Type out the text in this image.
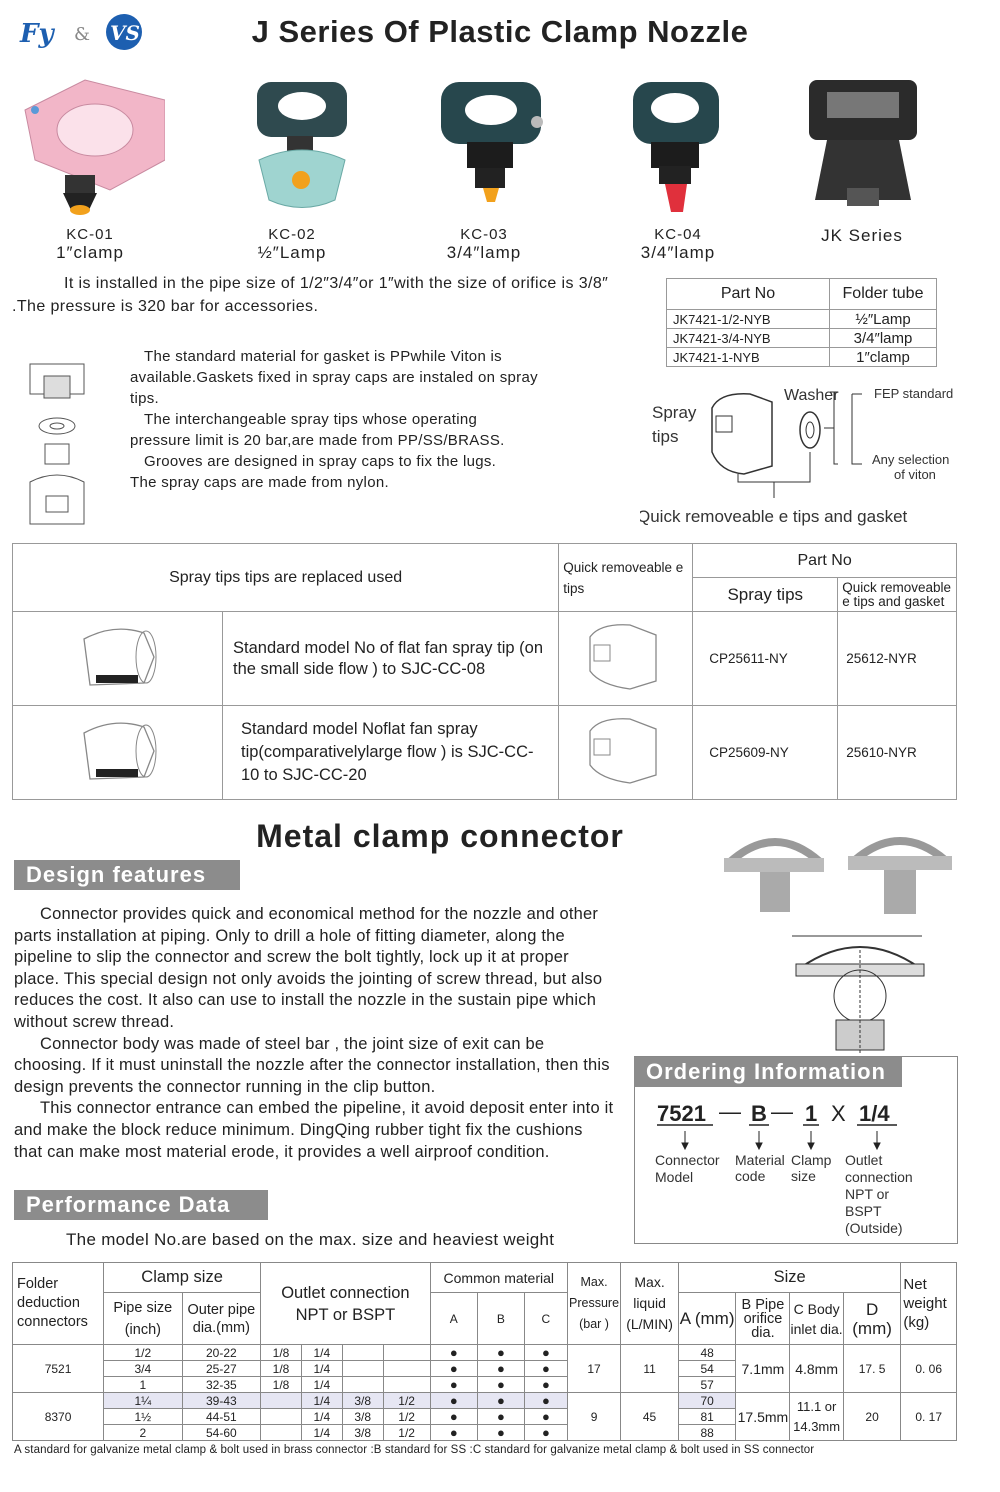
Fy & VS	J Series Of Plastic Clamp Nozzle
KC-01
1″clamp
KC-02
½″Lamp
KC-03
3/4″lamp
KC-04
3/4″lamp
JK Series

It is installed in the pipe size of 1/2″3/4″or 1″with the size of orifice is 3/8″ .The pressure is 320 bar for accessories.

Part No	Folder tube
JK7421-1/2-NYB	½″Lamp
JK7421-3/4-NYB	3/4″lamp
JK7421-1-NYB	1″clamp

The standard material for gasket is PPwhile Viton is available.Gaskets fixed in spray caps are instaled on spray tips.

The interchangeable spray tips whose operating pressure limit is 20 bar,are made from PP/SS/BRASS.

Grooves are designed in spray caps to fix the lugs.

The spray caps are made from nylon.

Spray
tips
Washer	FEP standard
Any selection
of viton
Quick removeable e tips and gasket
Spray tips tips are replaced used		Quick removeable e tips	Part No	
			Spray tips	Quick removeable e tips and gasket
	Standard model No of flat fan spray tip (on the small side flow ) to SJC-CC-08		CP25611-NY	25612-NYR
	Standard model Noflat fan spray tip(comparativelylarge flow ) is SJC-CC-10 to SJC-CC-20		CP25609-NY	25610-NYR
Metal clamp connector
Design features

Connector provides quick and economical method for the nozzle and other parts installation at piping. Only to drill a hole of fitting diameter, along the pipeline to slip the connector and screw the bolt tightly, lock up it at proper place. This special design not only avoids the jointing of screw thread, but also reduces the cost. It also can use to install the nozzle in the sustain pipe which without screw thread.

Connector body was made of steel bar , the joint size of exit can be choosing. If it must uninstall the nozzle after the connector installation, then this design prevents the connector running in the clip button.

This connector entrance can embed the pipeline, it avoid deposit enter into it and make the block reduce minimum. DingQing rubber tight fix the cushions that can make most material erode, it provides a well airproof condition.

Ordering Information
7521 — B — 1 X 1/4
Connector
Model
Material
code
Clamp
size
Outlet
connection
NPT or
BSPT
(Outside)
Performance Data
The model No.are based on the max. size and heaviest weight
Folder deduction connectors	Clamp size		Outlet connection NPT or BSPT				Common material			Max. Pressure (bar )	Max. liquid (L/MIN)	Size				Net weight (kg)
	Pipe size (inch)	Outer pipe dia.(mm)					A	B	C			A (mm)	B Pipe orifice dia.	C Body inlet dia.	D (mm)	
7521	1/2	20-22	1/8	1/4			●	●	●	17	11	48	7.1mm	4.8mm	17. 5	0. 06
	3/4	25-27	1/8	1/4			●	●	●			54				
	1	32-35	1/8	1/4			●	●	●			57				
8370	1¼	39-43		1/4	3/8	1/2	●	●	●	9	45	70	17.5mm	11.1 or 14.3mm	20	0. 17
	1½	44-51		1/4	3/8	1/2	●	●	●			81				
	2	54-60		1/4	3/8	1/2	●	●	●			88				
A standard for galvanize metal clamp & bolt used in brass connector :B standard for SS :C standard for galvanize metal clamp & bolt used in SS connector
